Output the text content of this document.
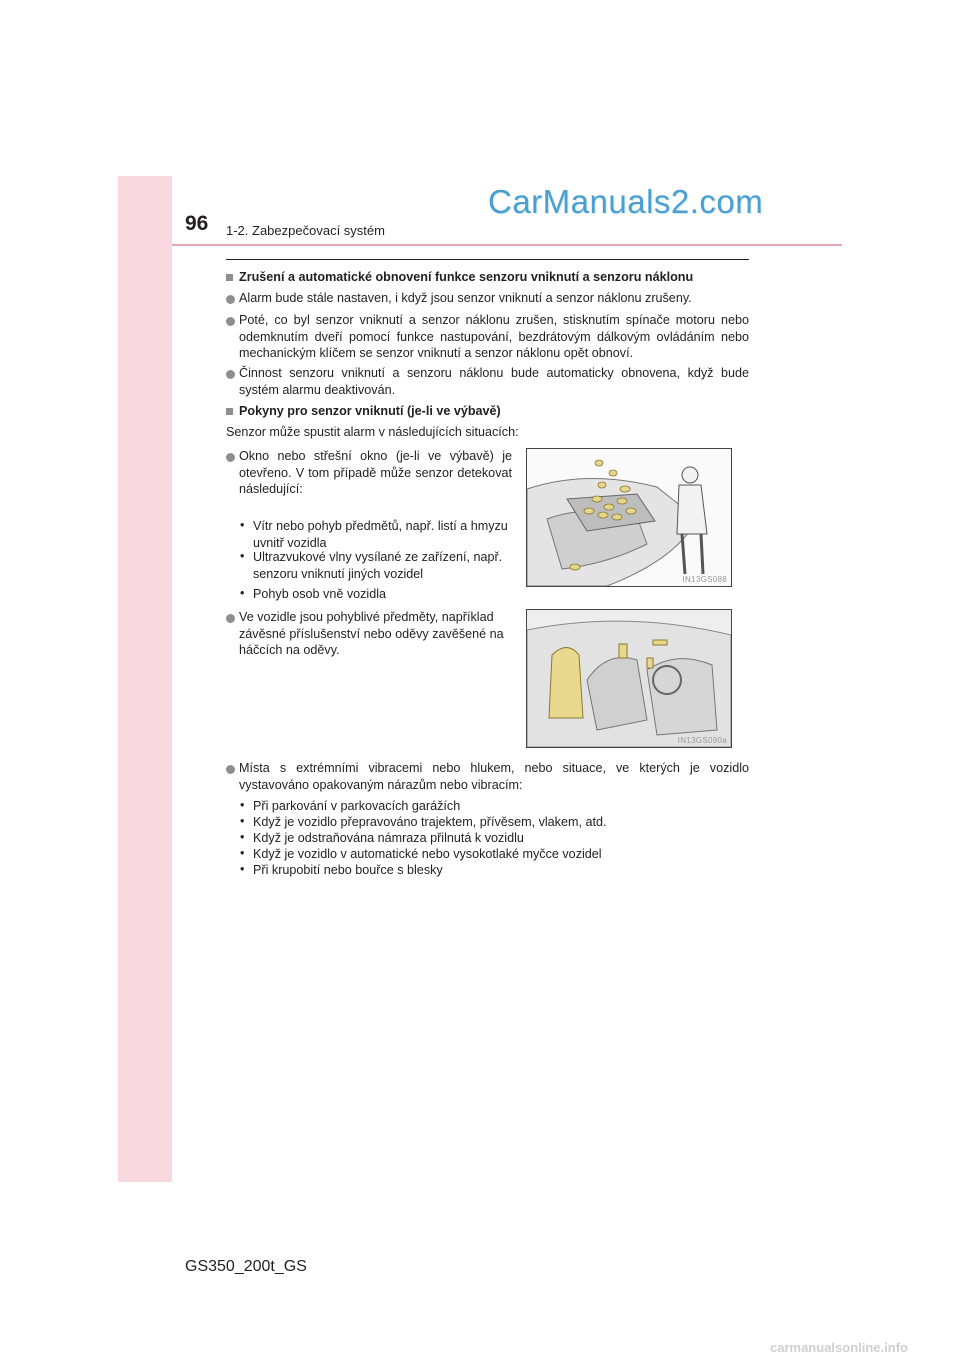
96 1-2. Zabezpečovací systém
CarManuals2.com

Zrušení a automatické obnovení funkce senzoru vniknutí a senzoru náklonu

Alarm bude stále nastaven, i když jsou senzor vniknutí a senzor náklonu zrušeny.

Poté, co byl senzor vniknutí a senzor náklonu zrušen, stisknutím spínače motoru nebo odemknutím dveří pomocí funkce nastupování, bezdrátovým dálkovým ovládáním nebo mechanickým klíčem se senzor vniknutí a senzor náklonu opět obnoví.

Činnost senzoru vniknutí a senzoru náklonu bude automaticky obnovena, když bude systém alarmu deaktivován.

Pokyny pro senzor vniknutí (je-li ve výbavě)

Senzor může spustit alarm v následujících situacích:

Okno nebo střešní okno (je-li ve výbavě) je otevřeno. V tom případě může senzor detekovat následující:

• Vítr nebo pohyb předmětů, např. listí a hmyzu uvnitř vozidla

• Ultrazvukové vlny vysílané ze zařízení, např. senzoru vniknutí jiných vozidel

• Pohyb osob vně vozidla

IN13GS088

Ve vozidle jsou pohyblivé předměty, například závěsné příslušenství nebo oděvy zavěšené na háčcích na oděvy.

IN13GS090a

Místa s extrémními vibracemi nebo hlukem, nebo situace, ve kterých je vozidlo vystavováno opakovaným nárazům nebo vibracím:

• Při parkování v parkovacích garážích

• Když je vozidlo přepravováno trajektem, přívěsem, vlakem, atd.

• Když je odstraňována námraza přilnutá k vozidlu

• Když je vozidlo v automatické nebo vysokotlaké myčce vozidel

• Při krupobití nebo bouřce s blesky

GS350_200t_GS
carmanualsonline.info
